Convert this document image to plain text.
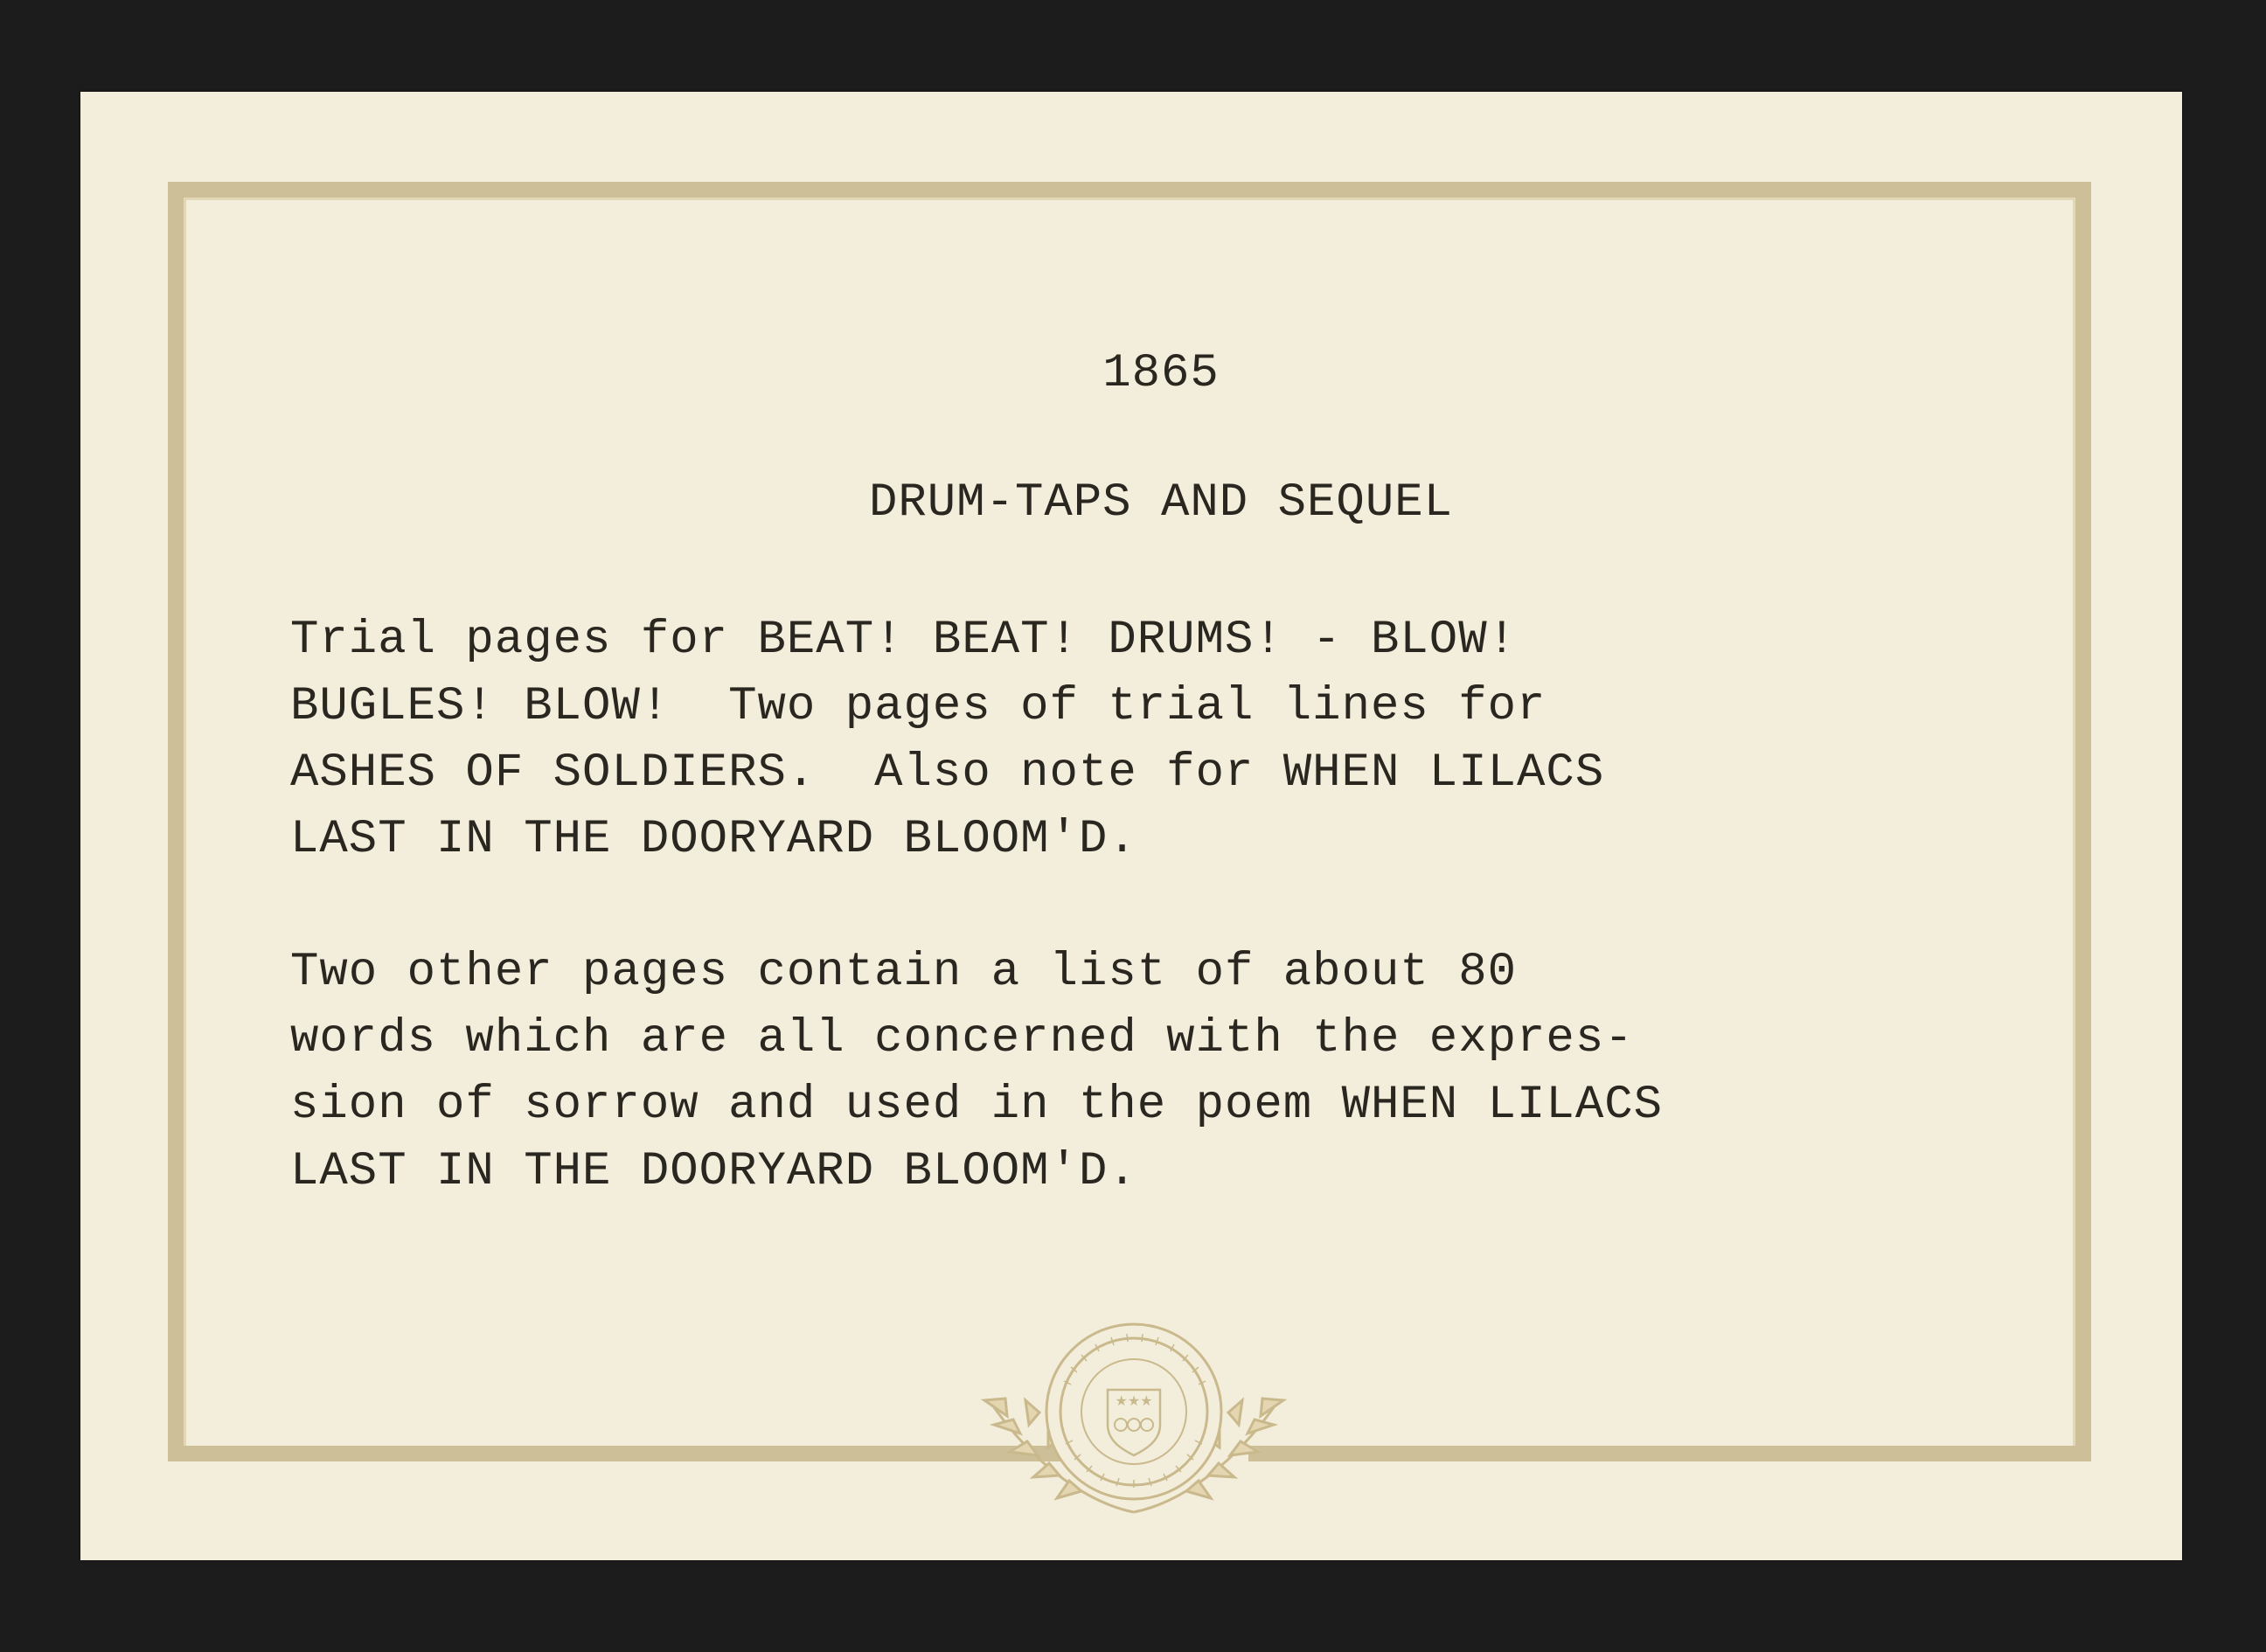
1865
DRUM-TAPS AND SEQUEL
Trial pages for BEAT! BEAT! DRUMS! - BLOW!
BUGLES! BLOW!  Two pages of trial lines for
ASHES OF SOLDIERS.  Also note for WHEN LILACS
LAST IN THE DOORYARD BLOOM'D.
Two other pages contain a list of about 80
words which are all concerned with the expres-
sion of sorrow and used in the poem WHEN LILACS
LAST IN THE DOORYARD BLOOM'D.
★★★
